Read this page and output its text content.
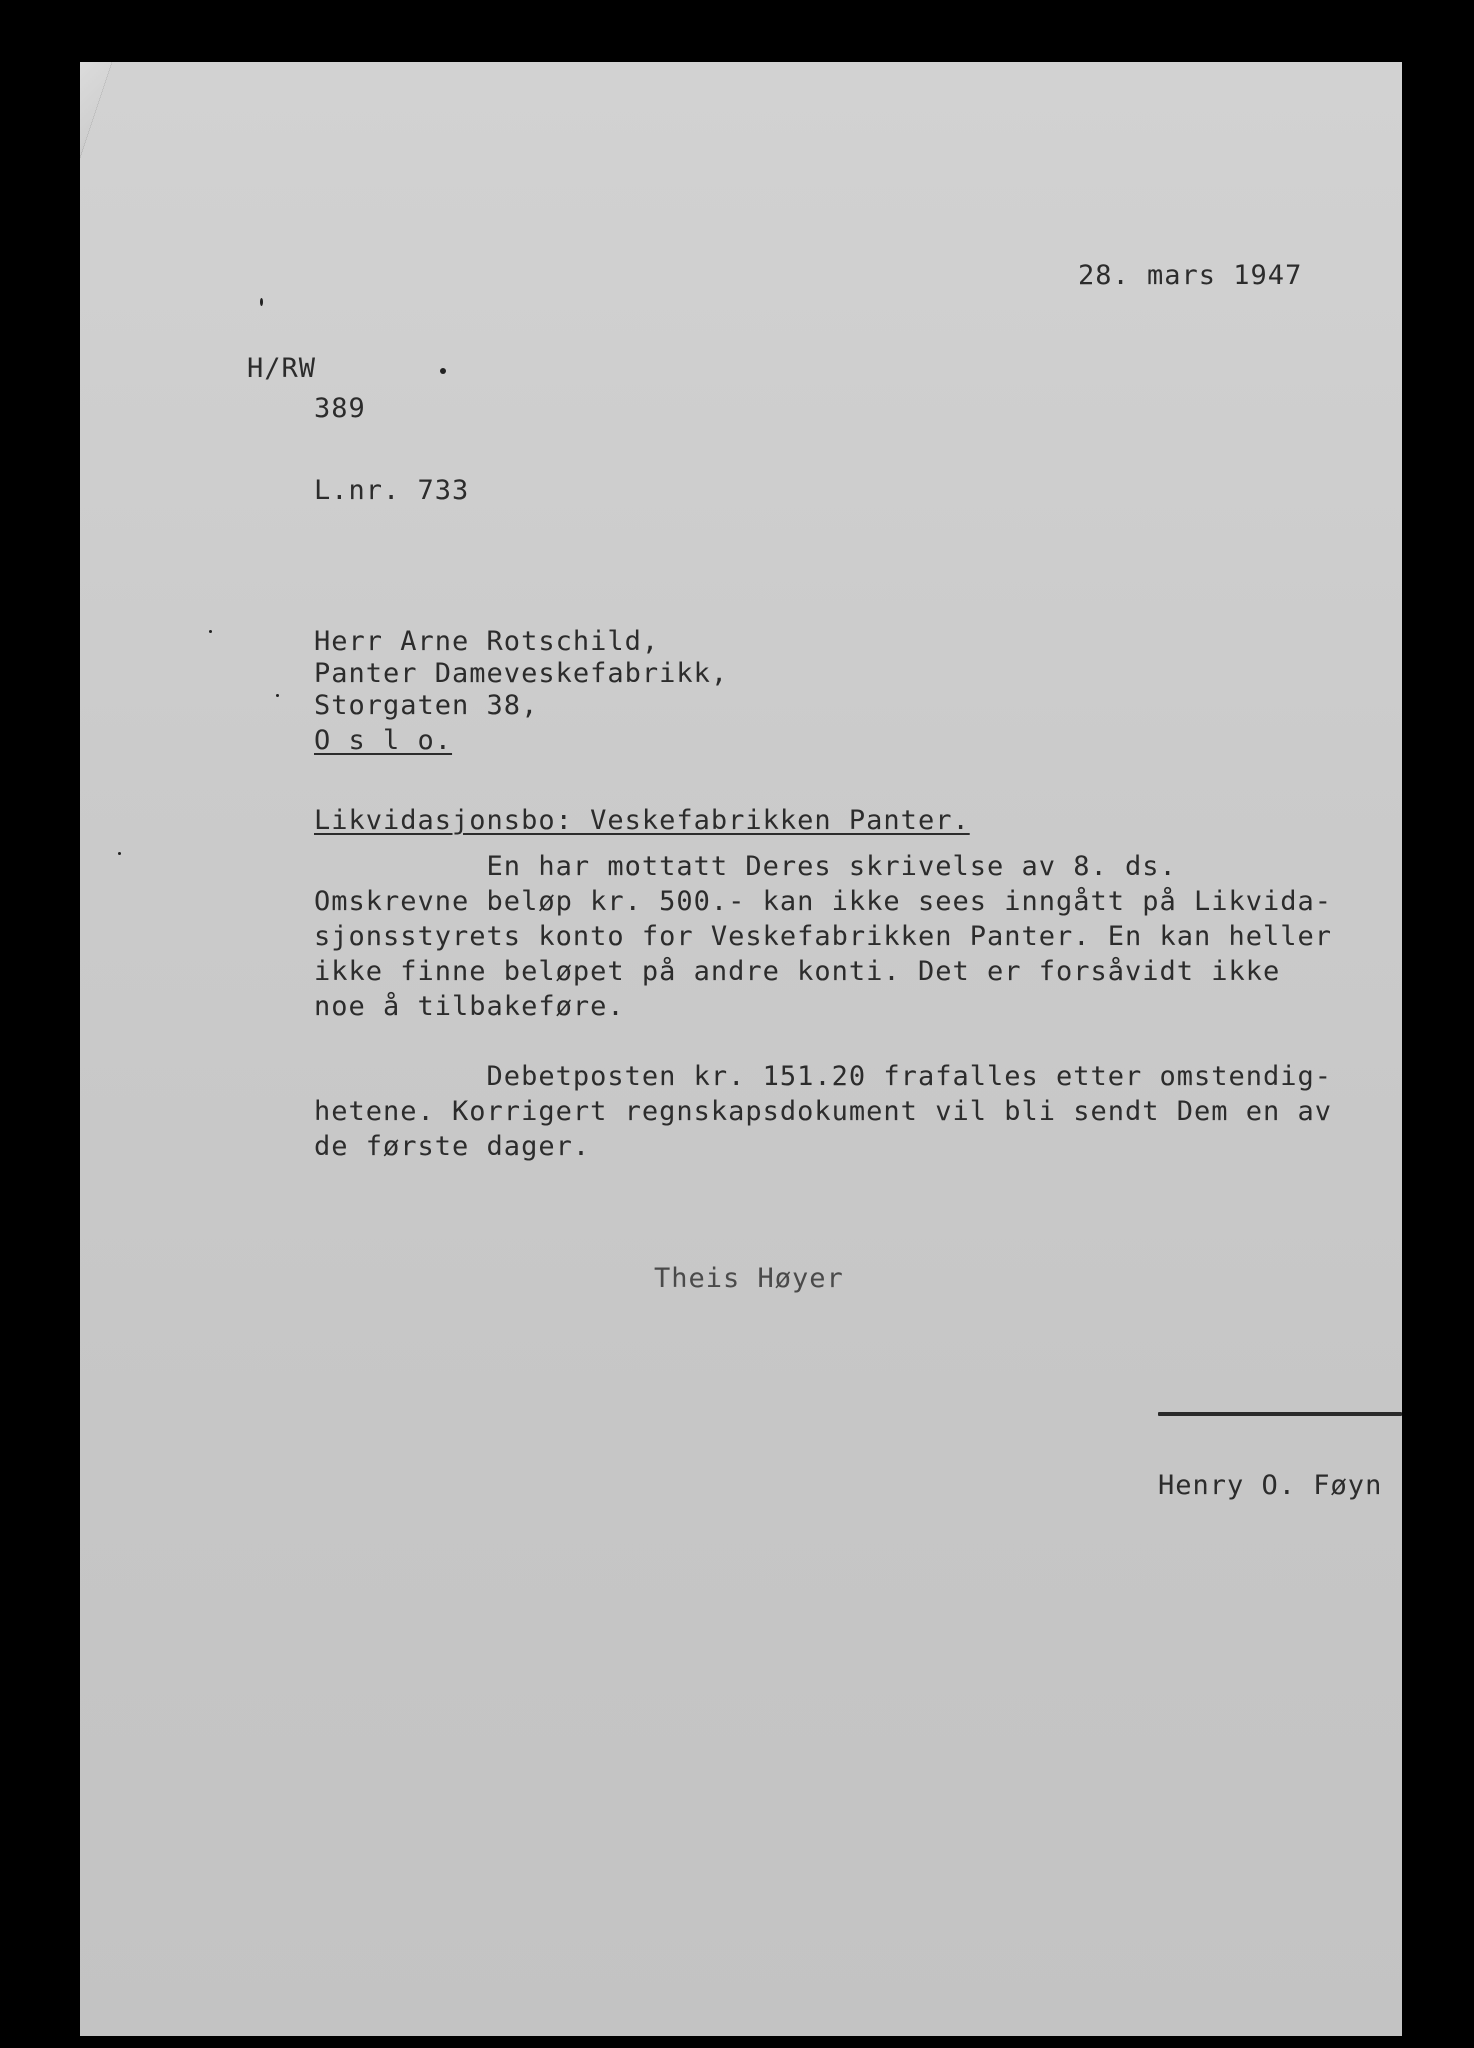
28. mars 1947
H/RW
389
L.nr. 733
Herr Arne Rotschild,
Panter Dameveskefabrikk,
Storgaten 38,
O s l o.
Likvidasjonsbo: Veskefabrikken Panter.
En har mottatt Deres skrivelse av 8. ds.
Omskrevne beløp kr. 500.- kan ikke sees inngått på Likvida-
sjonsstyrets konto for Veskefabrikken Panter. En kan heller
ikke finne beløpet på andre konti. Det er forsåvidt ikke
noe å tilbakeføre.
Debetposten kr. 151.20 frafalles etter omstendig-
hetene. Korrigert regnskapsdokument vil bli sendt Dem en av
de første dager.
Theis Høyer
Henry O. Føyn
